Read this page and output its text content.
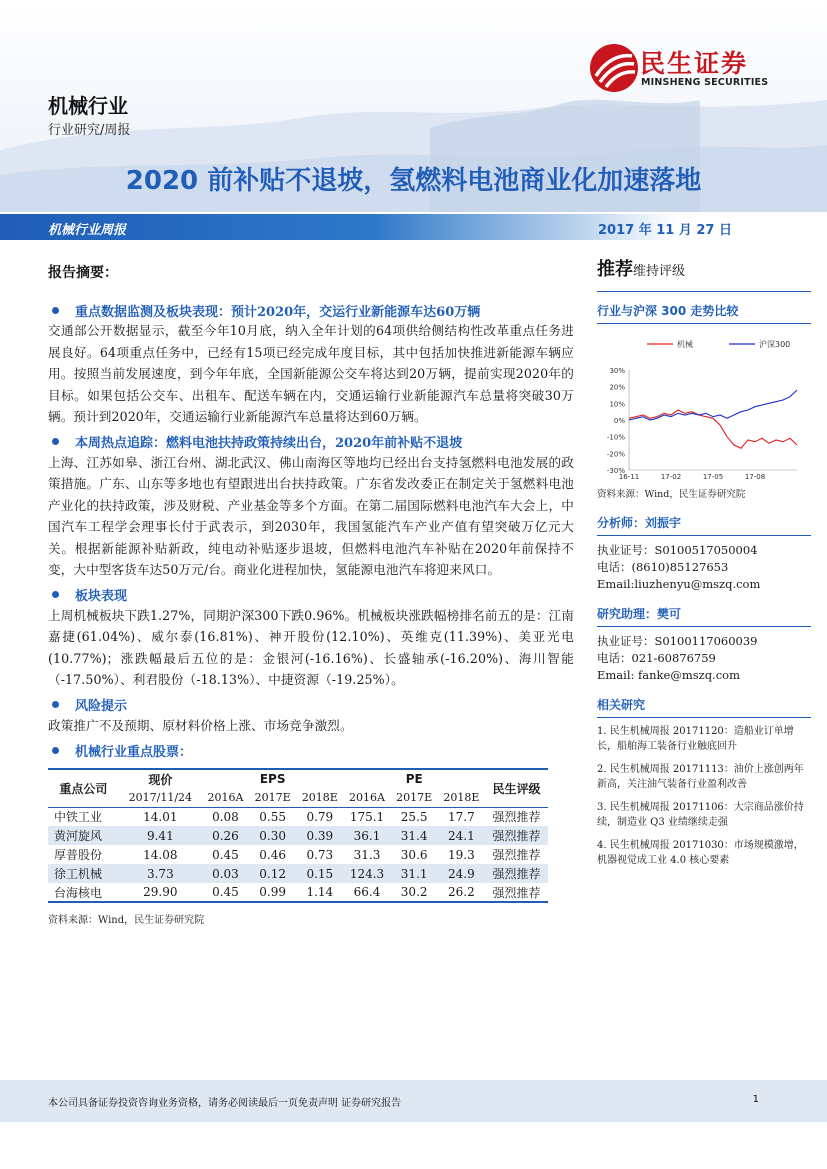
机械行业
行业研究/周报
民生证券
MINSHENG SECURITIES
2020 前补贴不退坡，氢燃料电池商业化加速落地
机械行业周报	2017 年 11 月 27 日
报告摘要：
重点数据监测及板块表现：预计2020年，交运行业新能源车达60万辆

交通部公开数据显示，截至今年10月底，纳入全年计划的64项供给侧结构性改革重点任务进展良好。64项重点任务中，已经有15项已经完成年度目标，其中包括加快推进新能源车辆应用。按照当前发展速度，到今年年底，全国新能源公交车将达到20万辆，提前实现2020年的目标。如果包括公交车、出租车、配送车辆在内，交通运输行业新能源汽车总量将突破30万辆。预计到2020年，交通运输行业新能源汽车总量将达到60万辆。

本周热点追踪：燃料电池扶持政策持续出台，2020年前补贴不退坡

上海、江苏如皋、浙江台州、湖北武汉、佛山南海区等地均已经出台支持氢燃料电池发展的政策措施。广东、山东等多地也有望跟进出台扶持政策。广东省发改委正在制定关于氢燃料电池产业化的扶持政策，涉及财税、产业基金等多个方面。在第二届国际燃料电池汽车大会上，中国汽车工程学会理事长付于武表示，到2030年，我国氢能汽车产业产值有望突破万亿元大关。根据新能源补贴新政，纯电动补贴逐步退坡，但燃料电池汽车补贴在2020年前保持不变，大中型客货车达50万元/台。商业化进程加快，氢能源电池汽车将迎来风口。

板块表现

上周机械板块下跌1.27%，同期沪深300下跌0.96%。机械板块涨跌幅榜排名前五的是：江南嘉捷(61.04%)、威尔泰(16.81%)、神开股份(12.10%)、英维克(11.39%)、美亚光电(10.77%)；涨跌幅最后五位的是：金银河(-16.16%)、长盛轴承(-16.20%)、海川智能（-17.50%）、利君股份（-18.13%）、中捷资源（-19.25%）。

风险提示

政策推广不及预期、原材料价格上涨、市场竞争激烈。

机械行业重点股票：
重点公司	现价	EPS			PE			民生评级
	2017/11/24	2016A	2017E	2018E	2016A	2017E	2018E	
中铁工业	14.01	0.08	0.55	0.79	175.1	25.5	17.7	强烈推荐
黄河旋风	9.41	0.26	0.30	0.39	36.1	31.4	24.1	强烈推荐
厚普股份	14.08	0.45	0.46	0.73	31.3	30.6	19.3	强烈推荐
徐工机械	3.73	0.03	0.12	0.15	124.3	31.1	24.9	强烈推荐
台海核电	29.90	0.45	0.99	1.14	66.4	30.2	26.2	强烈推荐
资料来源：Wind，民生证券研究院
推荐维持评级
行业与沪深 300 走势比较
机械	沪深300
30%
20%
10%
0%
-10%
-20%
-30%
16-11	17-02	17-05	17-08
资料来源：Wind，民生证券研究院
分析师：刘振宇
执业证号：S0100517050004
电话：(8610)85127653
Email:liuzhenyu@mszq.com
研究助理：樊可
执业证号：S0100117060039
电话：021-60876759
Email: fanke@mszq.com
相关研究
1. 民生机械周报 20171120：造船业订单增长，船舶海工装备行业触底回升
2. 民生机械周报 20171113：油价上涨创两年新高，关注油气装备行业盈利改善
3. 民生机械周报 20171106：大宗商品涨价持续，制造业 Q3 业绩继续走强
4. 民生机械周报 20171030：市场规模激增，机器视觉成工业 4.0 核心要素
本公司具备证券投资咨询业务资格，请务必阅读最后一页免责声明 证券研究报告	1
